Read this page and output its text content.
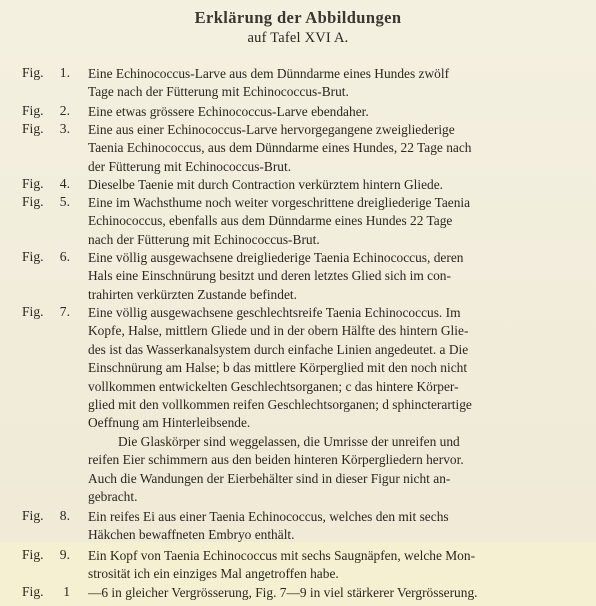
Erklärung der Abbildungen
auf Tafel XVI A.
Fig.	1. Eine Echinococcus-Larve aus dem Dünndarme eines Hundes zwölf
Tage nach der Fütterung mit Echinococcus-Brut.
Fig.	2. Eine etwas grössere Echinococcus-Larve ebendaher.
Fig.	3. Eine aus einer Echinococcus-Larve hervorgegangene zweigliederige
Taenia Echinococcus, aus dem Dünndarme eines Hundes, 22 Tage nach
der Fütterung mit Echinococcus-Brut.
Fig.	4. Dieselbe Taenie mit durch Contraction verkürztem hintern Gliede.
Fig.	5. Eine im Wachsthume noch weiter vorgeschrittene dreigliederige Taenia
Echinococcus, ebenfalls aus dem Dünndarme eines Hundes 22 Tage
nach der Fütterung mit Echinococcus-Brut.
Fig.	6. Eine völlig ausgewachsene dreigliederige Taenia Echinococcus, deren
Hals eine Einschnürung besitzt und deren letztes Glied sich im con-
trahirten verkürzten Zustande befindet.
Fig.	7. Eine völlig ausgewachsene geschlechtsreife Taenia Echinococcus. Im
Kopfe, Halse, mittlern Gliede und in der obern Hälfte des hintern Glie-
des ist das Wasserkanalsystem durch einfache Linien angedeutet. a Die
Einschnürung am Halse; b das mittlere Körperglied mit den noch nicht
vollkommen entwickelten Geschlechtsorganen; c das hintere Körper-
glied mit den vollkommen reifen Geschlechtsorganen; d sphincterartige
Oeffnung am Hinterleibsende.
Die Glaskörper sind weggelassen, die Umrisse der unreifen und
reifen Eier schimmern aus den beiden hinteren Körpergliedern hervor.
Auch die Wandungen der Eierbehälter sind in dieser Figur nicht an-
gebracht.
Fig.	8. Ein reifes Ei aus einer Taenia Echinococcus, welches den mit sechs
Häkchen bewaffneten Embryo enthält.
Fig.	9. Ein Kopf von Taenia Echinococcus mit sechs Saugnäpfen, welche Mon-
strosität ich ein einziges Mal angetroffen habe.
Fig.	1 —6 in gleicher Vergrösserung, Fig. 7—9 in viel stärkerer Vergrösserung.
